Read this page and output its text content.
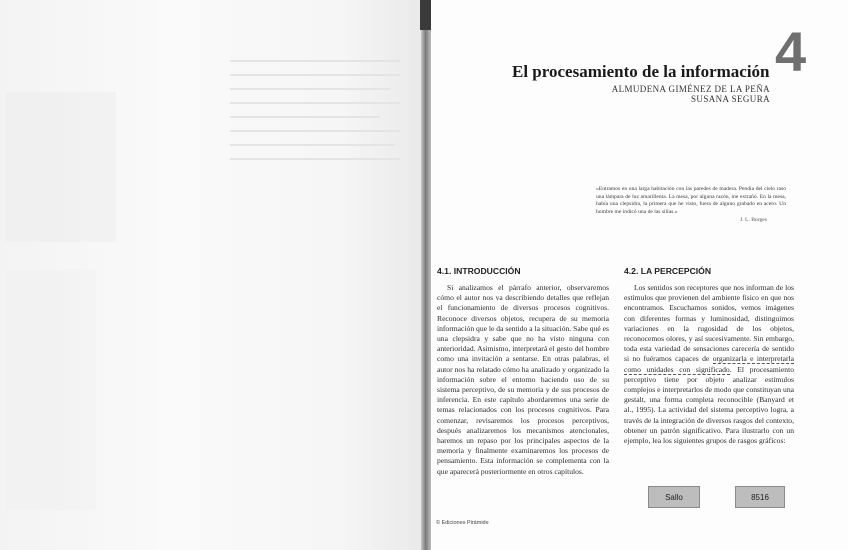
4
El procesamiento de la información
ALMUDENA GIMÉNEZ DE LA PEÑA
SUSANA SEGURA
«Entramos en una larga habitación con las paredes de madera. Pendía del cielo raso una lámpara de luz amarillenta. La mesa, por alguna razón, me extrañó. En la mesa, había una clepsidra, la primera que he visto, fuera de alguno grabado en acero. Un hombre me indicó una de las sillas.»
J. L. Borges
4.1. INTRODUCCIÓN	4.2. LA PERCEPCIÓN

Si analizamos el párrafo anterior, observaremos cómo el autor nos va describiendo detalles que reflejan el funcionamiento de diversos procesos cognitivos. Reconoce diversos objetos, recupera de su memoria información que le da sentido a la situación. Sabe qué es una clepsidra y sabe que no ha visto ninguna con anterioridad. Asimismo, interpretará el gesto del hombre como una invitación a sentarse. En otras palabras, el autor nos ha relatado cómo ha analizado y organizado la información sobre el entorno haciendo uso de su sistema perceptivo, de su memoria y de sus procesos de inferencia. En este capítulo abordaremos una serie de temas relacionados con los procesos cognitivos. Para comenzar, revisaremos los procesos perceptivos, después analizaremos los mecanismos atencionales, haremos un repaso por los principales aspectos de la memoria y finalmente examinaremos los procesos de pensamiento. Esta información se complementa con la que aparecerá posteriormente en otros capítulos.

Los sentidos son receptores que nos informan de los estímulos que provienen del ambiente físico en que nos encontramos. Escuchamos sonidos, vemos imágenes con diferentes formas y luminosidad, distinguimos variaciones en la rugosidad de los objetos, reconocemos olores, y así sucesivamente. Sin embargo, toda esta variedad de sensaciones carecería de sentido si no fuéramos capaces de organizarla e interpretarla como unidades con significado. El procesamiento perceptivo tiene por objeto analizar estímulos complejos e interpretarlos de modo que constituyan una gestalt, una forma completa reconocible (Banyard et al., 1995). La actividad del sistema perceptivo logra, a través de la integración de diversos rasgos del contexto, obtener un patrón significativo. Para ilustrarlo con un ejemplo, lea los siguientes grupos de rasgos gráficos:

Sallo	8516
© Ediciones Pirámide
